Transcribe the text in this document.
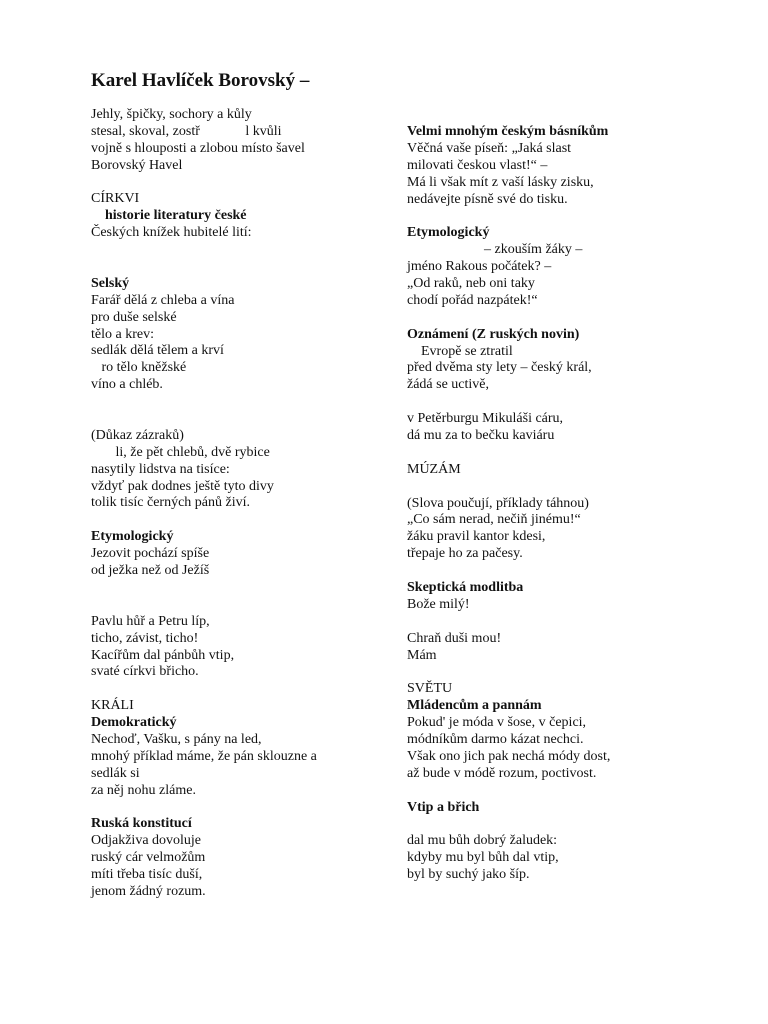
Karel Havlíček Borovský –
Jehly, špičky, sochory a kůly
stesal, skoval, zostř             l kvůli
vojně s hlouposti a zlobou místo šavel
Borovský Havel
CÍRKVI
historie literatury české
Českých knížek hubitelé lití:
Selský
Farář dělá z chleba a vína
pro duše selské
tělo a krev:
sedlák dělá tělem a krví
ro tělo kněžské
víno a chléb.
(Důkaz zázraků)
li, že pět chlebů, dvě rybice
nasytily lidstva na tisíce:
vždyť pak dodnes ještě tyto divy
tolik tisíc černých pánů živí.
Etymologický
Jezovit pochází spíše
od ježka než od Ježíš
Pavlu hůř a Petru líp,
ticho, závist, ticho!
Kacířům dal pánbůh vtip,
svaté církvi břicho.
KRÁLI
Demokratický
Nechoď, Vašku, s pány na led,
mnohý příklad máme, že pán sklouzne a
sedlák si
za něj nohu zláme.
Ruská konstitucí
Odjakživa dovoluje
ruský cár velmožům
míti třeba tisíc duší,
jenom žádný rozum.
Velmi mnohým českým básníkům
Věčná vaše píseň: „Jaká slast
milovati českou vlast!“ –
Má li však mít z vaší lásky zisku,
nedávejte písně své do tisku.
Etymologický
– zkouším žáky –
jméno Rakous počátek? –
„Od raků, neb oni taky
chodí pořád nazpátek!“
Oznámení (Z ruských novin)
Evropě se ztratil
před dvěma sty lety – český král,
žádá se uctivě,
v Petěrburgu Mikuláši cáru,
dá mu za to bečku kaviáru
MÚZÁM
(Slova poučují, příklady táhnou)
„Co sám nerad, nečiň jinému!“
žáku pravil kantor kdesi,
třepaje ho za pačesy.
Skeptická modlitba
Bože milý!
Chraň duši mou!
Mám
SVĚTU
Mládencům a pannám
Pokud' je móda v šose, v čepici,
módníkům darmo kázat nechci.
Však ono jich pak nechá módy dost,
až bude v módě rozum, poctivost.
Vtip a břich
dal mu bůh dobrý žaludek:
kdyby mu byl bůh dal vtip,
byl by suchý jako šíp.
